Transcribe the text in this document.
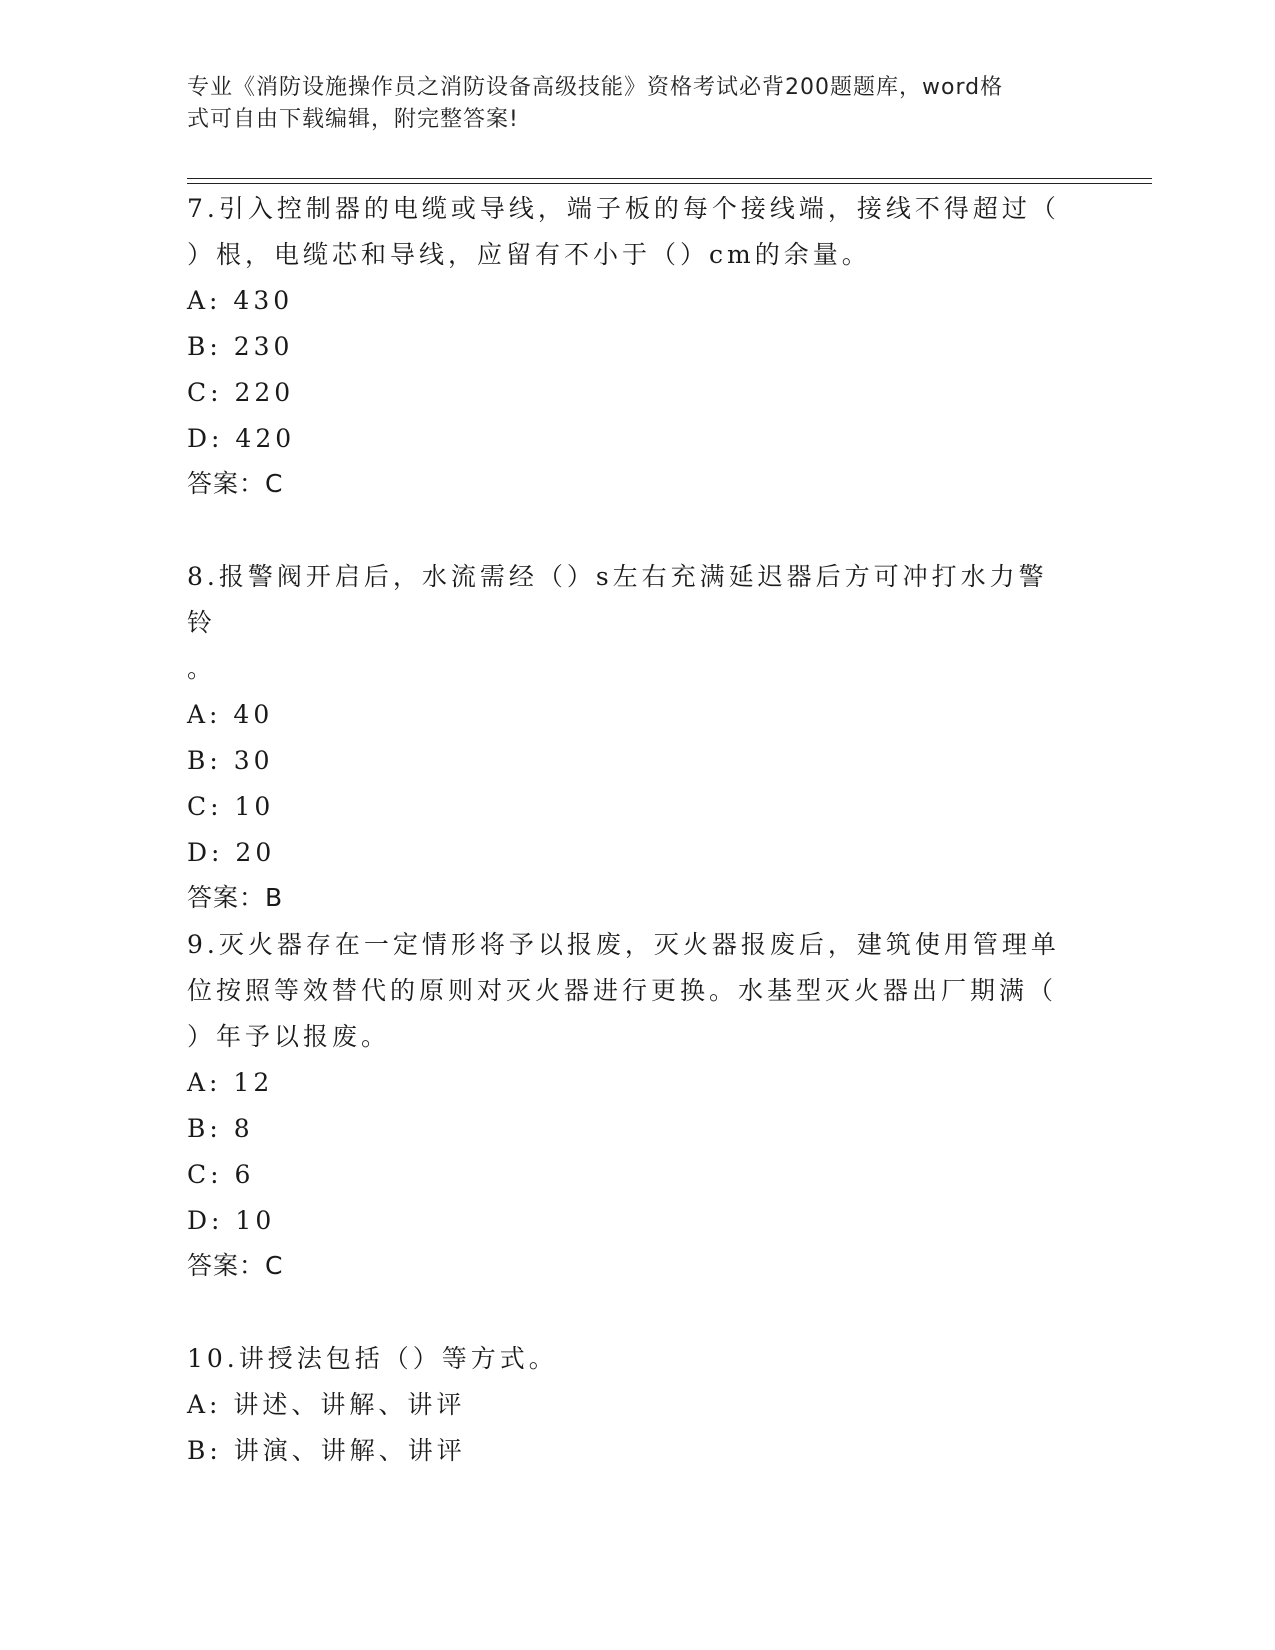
专业《消防设施操作员之消防设备高级技能》资格考试必背200题题库，word格
式可自由下载编辑，附完整答案!

7.引入控制器的电缆或导线，端子板的每个接线端，接线不得超过（

）根，电缆芯和导线，应留有不小于（）cm的余量。

A: 430

B: 230

C: 220

D: 420

答案：C

8.报警阀开启后，水流需经（）s左右充满延迟器后方可冲打水力警铃

。

A: 40

B: 30

C: 10

D: 20

答案：B

9.灭火器存在一定情形将予以报废，灭火器报废后，建筑使用管理单

位按照等效替代的原则对灭火器进行更换。水基型灭火器出厂期满（

）年予以报废。

A: 12

B: 8

C: 6

D: 10

答案：C

10.讲授法包括（）等方式。

A: 讲述、讲解、讲评

B: 讲演、讲解、讲评
